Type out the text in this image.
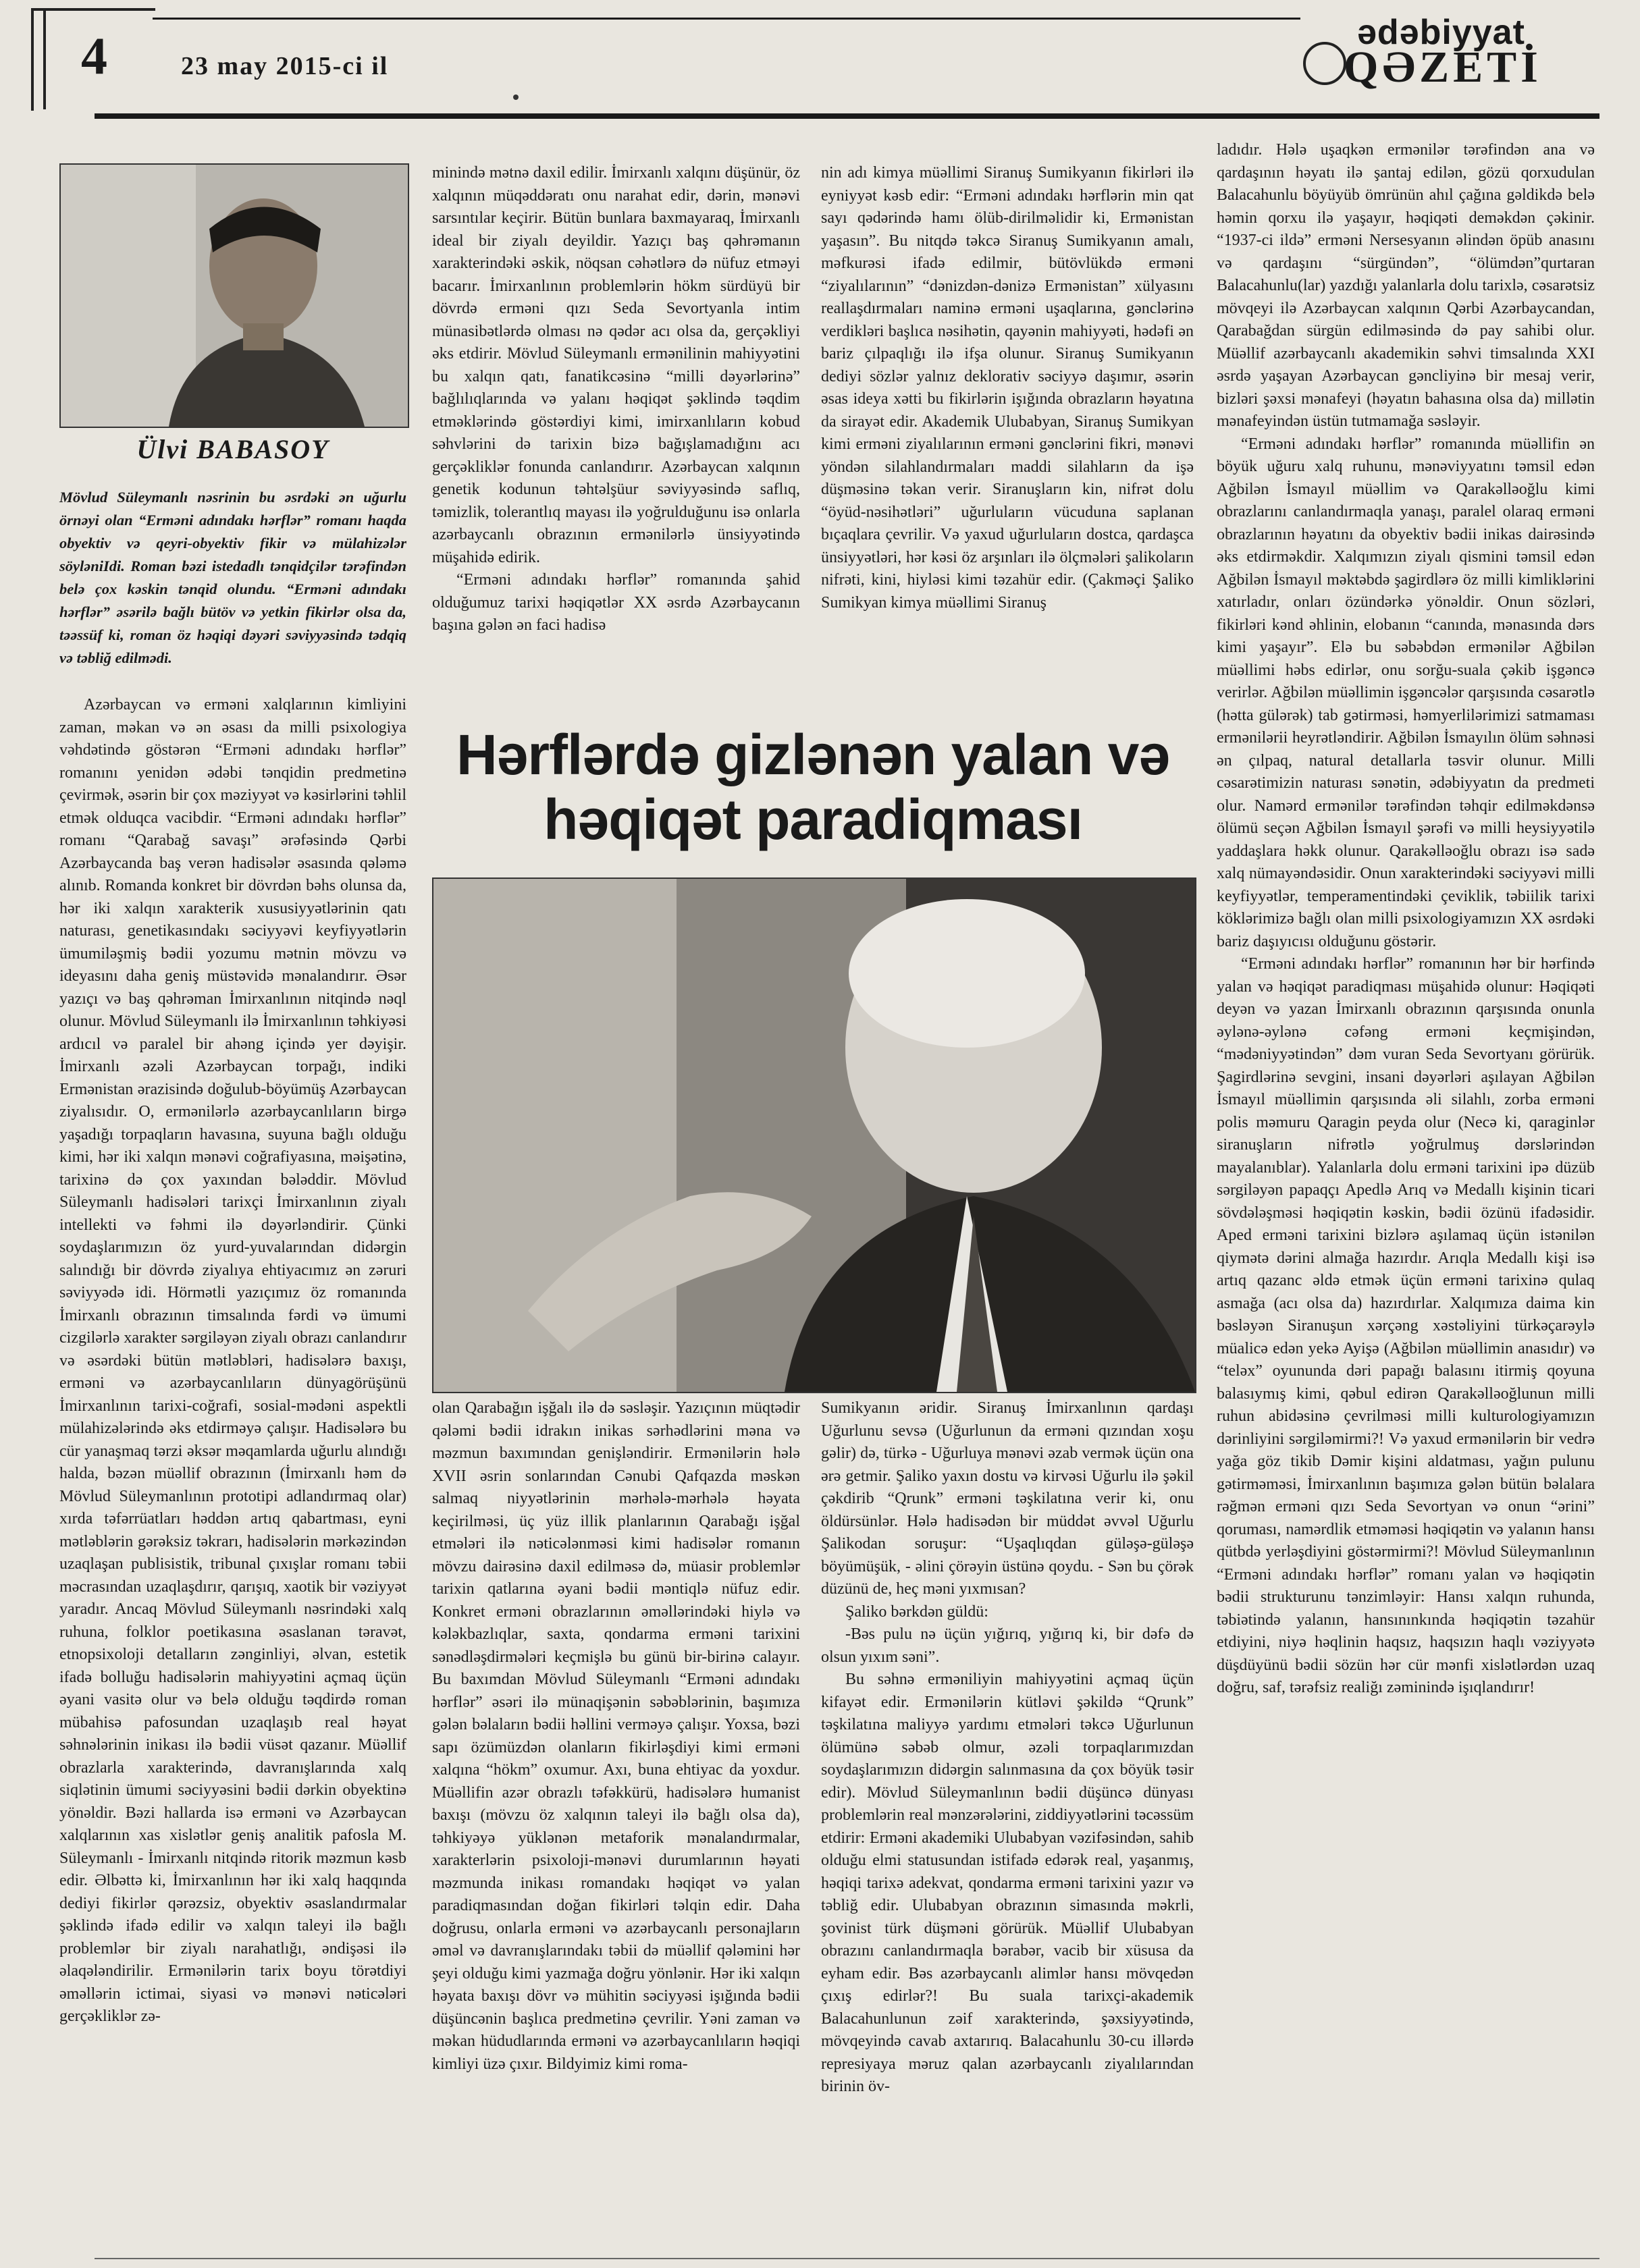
4	23 may 2015-ci il
ədəbiyyat
QƏZETİ
Ülvi BABASOY
Mövlud Süleymanlı nəsrinin bu əsrdəki ən uğurlu örnəyi olan “Erməni adındakı hərflər” romanı haqda obyektiv və qeyri-obyektiv fikir və mülahizələr söyləniIdi. Roman bəzi istedadlı tənqidçilər tərəfindən belə çox kəskin tənqid olundu. “Erməni adındakı hərflər” əsərilə bağlı bütöv və yetkin fikirlər olsa da, təəssüf ki, roman öz həqiqi dəyəri səviyyəsində tədqiq və təbliğ edilmədi.

Azərbaycan və erməni xalqlarının kimliyini zaman, məkan və ən əsası da milli psixologiya vəhdətində göstərən “Erməni adındakı hərflər” romanını yenidən ədəbi tənqidin predmetinə çevirmək, əsərin bir çox məziyyət və kəsirlərini təhlil etmək olduqca vacibdir. “Erməni adındakı hərflər” romanı “Qarabağ savaşı” ərəfəsində Qərbi Azərbaycanda baş verən hadisələr əsasında qələmə alınıb. Romanda konkret bir dövrdən bəhs olunsa da, hər iki xalqın xarakterik xususiyyətlərinin qatı naturası, genetikasındakı səciyyəvi keyfiyyətlərin ümumiləşmiş bədii yozumu mətnin mövzu və ideyasını daha geniş müstəvidə mənalandırır. Əsər yazıçı və baş qəhrəman İmirxanlının nitqində nəql olunur. Mövlud Süleymanlı ilə İmirxanlının təhkiyəsi ardıcıl və paralel bir ahəng içində yer dəyişir. İmirxanlı əzəli Azərbaycan torpağı, indiki Ermənistan ərazisində doğulub-böyümüş Azərbaycan ziyalısıdır. O, ermənilərlə azərbaycanlıların birgə yaşadığı torpaqların havasına, suyuna bağlı olduğu kimi, hər iki xalqın mənəvi coğrafiyasına, məişətinə, tarixinə də çox yaxından bələddir. Mövlud Süleymanlı hadisələri tarixçi İmirxanlının ziyalı intellekti və fəhmi ilə dəyərləndirir. Çünki soydaşlarımızın öz yurd-yuvalarından didərgin salındığı bir dövrdə ziyalıya ehtiyacımız ən zəruri səviyyədə idi. Hörmətli yazıçımız öz romanında İmirxanlı obrazının timsalında fərdi və ümumi cizgilərlə xarakter sərgiləyən ziyalı obrazı canlandırır və əsərdəki bütün mətləbləri, hadisələrə baxışı, erməni və azərbaycanlıların dünyagörüşünü İmirxanlının tarixi-coğrafi, sosial-mədəni aspektli mülahizələrində əks etdirməyə çalışır. Hadisələrə bu cür yanaşmaq tərzi əksər məqamlarda uğurlu alındığı halda, bəzən müəllif obrazının (İmirxanlı həm də Mövlud Süleymanlının prototipi adlandırmaq olar) xırda təfərrüatları həddən artıq qabartması, eyni mətləblərin gərəksiz təkrarı, hadisələrin mərkəzindən uzaqlaşan publisistik, tribunal çıxışlar romanı təbii məcrasından uzaqlaşdırır, qarışıq, xaotik bir vəziyyət yaradır. Ancaq Mövlud Süleymanlı nəsrindəki xalq ruhuna, folklor poetikasına əsaslanan təravət, etnopsixoloji detalların zənginliyi, əlvan, estetik ifadə bolluğu hadisələrin mahiyyətini açmaq üçün əyani vasitə olur və belə olduğu təqdirdə roman mübahisə pafosundan uzaqlaşıb real həyat səhnələrinin inikası ilə bədii vüsət qazanır. Müəllif obrazlarla xarakterində, davranışlarında xalq siqlətinin ümumi səciyyəsini bədii dərkin obyektinə yönəldir. Bəzi hallarda isə erməni və Azərbaycan xalqlarının xas xislətlər geniş analitik pafosla M. Süleymanlı - İmirxanlı nitqində ritorik məzmun kəsb edir. Əlbəttə ki, İmirxanlının hər iki xalq haqqında dediyi fikirlər qərəzsiz, obyektiv əsaslandırmalar şəklində ifadə edilir və xalqın taleyi ilə bağlı problemlər bir ziyalı narahatlığı, əndişəsi ilə əlaqələndirilir. Ermənilərin tarix boyu törətdiyi əməllərin ictimai, siyasi və mənəvi nəticələri gerçəkliklər zə-

minində mətnə daxil edilir. İmirxanlı xalqını düşünür, öz xalqının müqəddəratı onu narahat edir, dərin, mənəvi sarsıntılar keçirir. Bütün bunlara baxmayaraq, İmirxanlı ideal bir ziyalı deyildir. Yazıçı baş qəhrəmanın xarakterindəki əskik, nöqsan cəhətlərə də nüfuz etməyi bacarır. İmirxanlının problemlərin hökm sürdüyü bir dövrdə erməni qızı Seda Sevortyanla intim münasibətlərdə olması nə qədər acı olsa da, gerçəkliyi əks etdirir. Mövlud Süleymanlı ermənilinin mahiyyətini bu xalqın qatı, fanatikcəsinə “milli dəyərlərinə” bağlılıqlarında və yalanı həqiqət şəklində təqdim etməklərində göstərdiyi kimi, imirxanlıların kobud səhvlərini də tarixin bizə bağışlamadığını acı gerçəkliklər fonunda canlandırır. Azərbaycan xalqının genetik kodunun təhtəlşüur səviyyəsində saflıq, təmizlik, tolerantlıq mayası ilə yoğrulduğunu isə onlarla azərbaycanlı obrazının ermənilərlə ünsiyyətində müşahidə edirik.

“Erməni adındakı hərflər” romanında şahid olduğumuz tarixi həqiqətlər XX əsrdə Azərbaycanın başına gələn ən faci hadisə

nin adı kimya müəllimi Siranuş Sumikyanın fikirləri ilə eyniyyət kəsb edir: “Erməni adındakı hərflərin min qat sayı qədərində hamı ölüb-dirilməlidir ki, Ermənistan yaşasın”. Bu nitqdə təkcə Siranuş Sumikyanın amalı, məfkurəsi ifadə edilmir, bütövlükdə erməni “ziyalılarının” “dənizdən-dənizə Ermənistan” xülyasını reallaşdırmaları naminə erməni uşaqlarına, gənclərinə verdikləri başlıca nəsihətin, qayənin mahiyyəti, hədəfi ən bariz çılpaqlığı ilə ifşa olunur. Siranuş Sumikyanın dediyi sözlər yalnız deklorativ səciyyə daşımır, əsərin əsas ideya xətti bu fikirlərin işığında obrazların həyatına da sirayət edir. Akademik Ulubabyan, Siranuş Sumikyan kimi erməni ziyalılarının erməni gənclərini fikri, mənəvi yöndən silahlandırmaları maddi silahların da işə düşməsinə təkan verir. Siranuşların kin, nifrət dolu “öyüd-nəsihətləri” uğurluların vücuduna saplanan bıçaqlara çevrilir. Və yaxud uğurluların dostca, qardaşca ünsiyyətləri, hər kəsi öz arşınları ilə ölçmələri şalikoların nifrəti, kini, hiyləsi kimi təzahür edir. (Çakməçi Şaliko Sumikyan kimya müəllimi Siranuş

Hərflərdə gizlənən yalan və həqiqət paradiqması

olan Qarabağın işğalı ilə də səsləşir. Yazıçının müqtədir qələmi bədii idrakın inikas sərhədlərini məna və məzmun baxımından genişləndirir. Ermənilərin hələ XVII əsrin sonlarından Cənubi Qafqazda məskən salmaq niyyətlərinin mərhələ-mərhələ həyata keçirilməsi, üç yüz illik planlarının Qarabağı işğal etmələri ilə nəticələnməsi kimi hadisələr romanın mövzu dairəsinə daxil edilməsə də, müasir problemlər tarixin qatlarına əyani bədii məntiqlə nüfuz edir. Konkret erməni obrazlarının əməllərindəki hiylə və kələkbazlıqlar, saxta, qondarma erməni tarixini sənədləşdirmələri keçmişlə bu günü bir-birinə calayır. Bu baxımdan Mövlud Süleymanlı “Erməni adındakı hərflər” əsəri ilə münaqişənin səbəblərinin, başımıza gələn bəlaların bədii həllini verməyə çalışır. Yoxsa, bəzi sapı özümüzdən olanların fikirləşdiyi kimi erməni xalqına “hökm” oxumur. Axı, buna ehtiyac da yoxdur. Müəllifin azər obrazlı təfəkkürü, hadisələrə humanist baxışı (mövzu öz xalqının taleyi ilə bağlı olsa da), təhkiyəyə yüklənən metaforik mənalandırmalar, xarakterlərin psixoloji-mənəvi durumlarının həyati məzmunda inikası romandakı həqiqət və yalan paradiqmasından doğan fikirləri təlqin edir. Daha doğrusu, onlarla erməni və azərbaycanlı personajların əməl və davranışlarındakı təbii də müəllif qələmini hər şeyi olduğu kimi yazmağa doğru yönlənir. Hər iki xalqın həyata baxışı dövr və mühitin səciyyəsi işığında bədii düşüncənin başlıca predmetinə çevrilir. Yəni zaman və məkan hüdudlarında erməni və azərbaycanlıların həqiqi kimliyi üzə çıxır. Bildyimiz kimi roma-

Sumikyanın əridir. Siranuş İmirxanlının qardaşı Uğurlunu sevsə (Uğurlunun da erməni qızından xoşu gəlir) də, türkə - Uğurluya mənəvi əzab vermək üçün ona ərə getmir. Şaliko yaxın dostu və kirvəsi Uğurlu ilə şəkil çəkdirib “Qrunk” erməni təşkilatına verir ki, onu öldürsünlər. Hələ hadisədən bir müddət əvvəl Uğurlu Şalikodan soruşur: “Uşaqlıqdan güləşə-güləşə böyümüşük, - əlini çörəyin üstünə qoydu. - Sən bu çörək düzünü de, heç məni yıxmısan?

Şaliko bərkdən güldü:

-Bəs pulu nə üçün yığırıq, yığırıq ki, bir dəfə də olsun yıxım səni”.

Bu səhnə erməniliyin mahiyyətini açmaq üçün kifayət edir. Ermənilərin kütləvi şəkildə “Qrunk” təşkilatına maliyyə yardımı etmələri təkcə Uğurlunun ölümünə səbəb olmur, əzəli torpaqlarımızdan soydaşlarımızın didərgin salınmasına da çox böyük təsir edir). Mövlud Süleymanlının bədii düşüncə dünyası problemlərin real mənzərələrini, ziddiyyətlərini təcəssüm etdirir: Erməni akademiki Ulubabyan vəzifəsindən, sahib olduğu elmi statusundan istifadə edərək real, yaşanmış, həqiqi tarixə adekvat, qondarma erməni tarixini yazır və təbliğ edir. Ulubabyan obrazının simasında məkrli, şovinist türk düşməni görürük. Müəllif Ulubabyan obrazını canlandırmaqla bərabər, vacib bir xüsusa da eyham edir. Bəs azərbaycanlı alimlər hansı mövqedən çıxış edirlər?! Bu suala tarixçi-akademik Balacahunlunun zəif xarakterində, şəxsiyyətində, mövqeyində cavab axtarırıq. Balacahunlu 30-cu illərdə represiyaya məruz qalan azərbaycanlı ziyalılarından birinin öv-

ladıdır. Hələ uşaqkən ermənilər tərəfindən ana və qardaşının həyatı ilə şantaj edilən, gözü qorxudulan Balacahunlu böyüyüb ömrünün ahıl çağına gəldikdə belə həmin qorxu ilə yaşayır, həqiqəti deməkdən çəkinir. “1937-ci ildə” erməni Nersesyanın əlindən öpüb anasını və qardaşını “sürgündən”, “ölümdən”qurtaran Balacahunlu(lar) yazdığı yalanlarla dolu tarixlə, cəsarətsiz mövqeyi ilə Azərbaycan xalqının Qərbi Azərbaycandan, Qarabağdan sürgün edilməsində də pay sahibi olur. Müəllif azərbaycanlı akademikin səhvi timsalında XXI əsrdə yaşayan Azərbaycan gəncliyinə bir mesaj verir, bizləri şəxsi mənafeyi (həyatın bahasına olsa da) millətin mənafeyindən üstün tutmamağa səsləyir.

“Erməni adındakı hərflər” romanında müəllifin ən böyük uğuru xalq ruhunu, mənəviyyatını təmsil edən Ağbilən İsmayıl müəllim və Qarakəlləoğlu kimi obrazlarını canlandırmaqla yanaşı, paralel olaraq erməni obrazlarının həyatını da obyektiv bədii inikas dairəsində əks etdirməkdir. Xalqımızın ziyalı qismini təmsil edən Ağbilən İsmayıl məktəbdə şagirdlərə öz milli kimliklərini xatırladır, onları özündərkə yönəldir. Onun sözləri, fikirləri kənd əhlinin, elobanın “canında, mənasında dərs kimi yaşayır”. Elə bu səbəbdən ermənilər Ağbilən müəllimi həbs edirlər, onu sorğu-suala çəkib işgəncə verirlər. Ağbilən müəllimin işgəncələr qarşısında cəsarətlə (hətta gülərək) tab gətirməsi, həmyerlilərimizi satmaması ermənilərii heyrətləndirir. Ağbilən İsmayılın ölüm səhnəsi ən çılpaq, natural detallarla təsvir olunur. Milli cəsarətimizin naturası sənətin, ədəbiyyatın da predmeti olur. Namərd ermənilər tərəfindən təhqir edilməkdənsə ölümü seçən Ağbilən İsmayıl şərəfi və milli heysiyyətilə yaddaşlara həkk olunur. Qarakəlləoğlu obrazı isə sadə xalq nümayəndəsidir. Onun xarakterindəki səciyyəvi milli keyfiyyətlər, temperamentindəki çeviklik, təbiilik tarixi köklərimizə bağlı olan milli psixologiyamızın XX əsrdəki bariz daşıyıcısı olduğunu göstərir.

“Erməni adındakı hərflər” romanının hər bir hərfində yalan və həqiqət paradiqması müşahidə olunur: Həqiqəti deyən və yazan İmirxanlı obrazının qarşısında onunla əylənə-əylənə cəfəng erməni keçmişindən, “mədəniyyətindən” dəm vuran Seda Sevortyanı görürük. Şagirdlərinə sevgini, insani dəyərləri aşılayan Ağbilən İsmayıl müəllimin qarşısında əli silahlı, zorba erməni polis məmuru Qaragin peyda olur (Necə ki, qaraginlər siranuşların nifrətlə yoğrulmuş dərslərindən mayalanıblar). Yalanlarla dolu erməni tarixini ipə düzüb sərgiləyən papaqçı Apedlə Arıq və Medallı kişinin ticari sövdələşməsi həqiqətin kəskin, bədii özünü ifadəsidir. Aped erməni tarixini bizlərə aşılamaq üçün istənilən qiymətə dərini almağa hazırdır. Arıqla Medallı kişi isə artıq qazanc əldə etmək üçün erməni tarixinə qulaq asmağa (acı olsa da) hazırdırlar. Xalqımıza daima kin bəsləyən Siranuşun xərçəng xəstəliyini türkəçarəylə müalicə edən yekə Ayişə (Ağbilən müəllimin anasıdır) və “teləx” oyununda dəri papağı balasını itirmiş qoyuna balasıymış kimi, qəbul edirən Qarakəlləoğlunun milli ruhun abidəsinə çevrilməsi milli kulturologiyamızın dərinliyini sərgiləmirmi?! Və yaxud ermənilərin bir vedrə yağa göz tikib Dəmir kişini aldatması, yağın pulunu gətirməməsi, İmirxanlının başımıza gələn bütün bəlalara rəğmən erməni qızı Seda Sevortyan və onun “ərini” qoruması, namərdlik etməməsi həqiqətin və yalanın hansı qütbdə yerləşdiyini göstərmirmi?! Mövlud Süleymanlının “Erməni adındakı hərflər” romanı yalan və həqiqətin bədii strukturunu tənzimləyir: Hansı xalqın ruhunda, təbiətində yalanın, hansınınkında həqiqətin təzahür etdiyini, niyə həqlinin haqsız, haqsızın haqlı vəziyyətə düşdüyünü bədii sözün hər cür mənfi xislətlərdən uzaq doğru, saf, tərəfsiz realiğı zəminində işıqlandırır!
